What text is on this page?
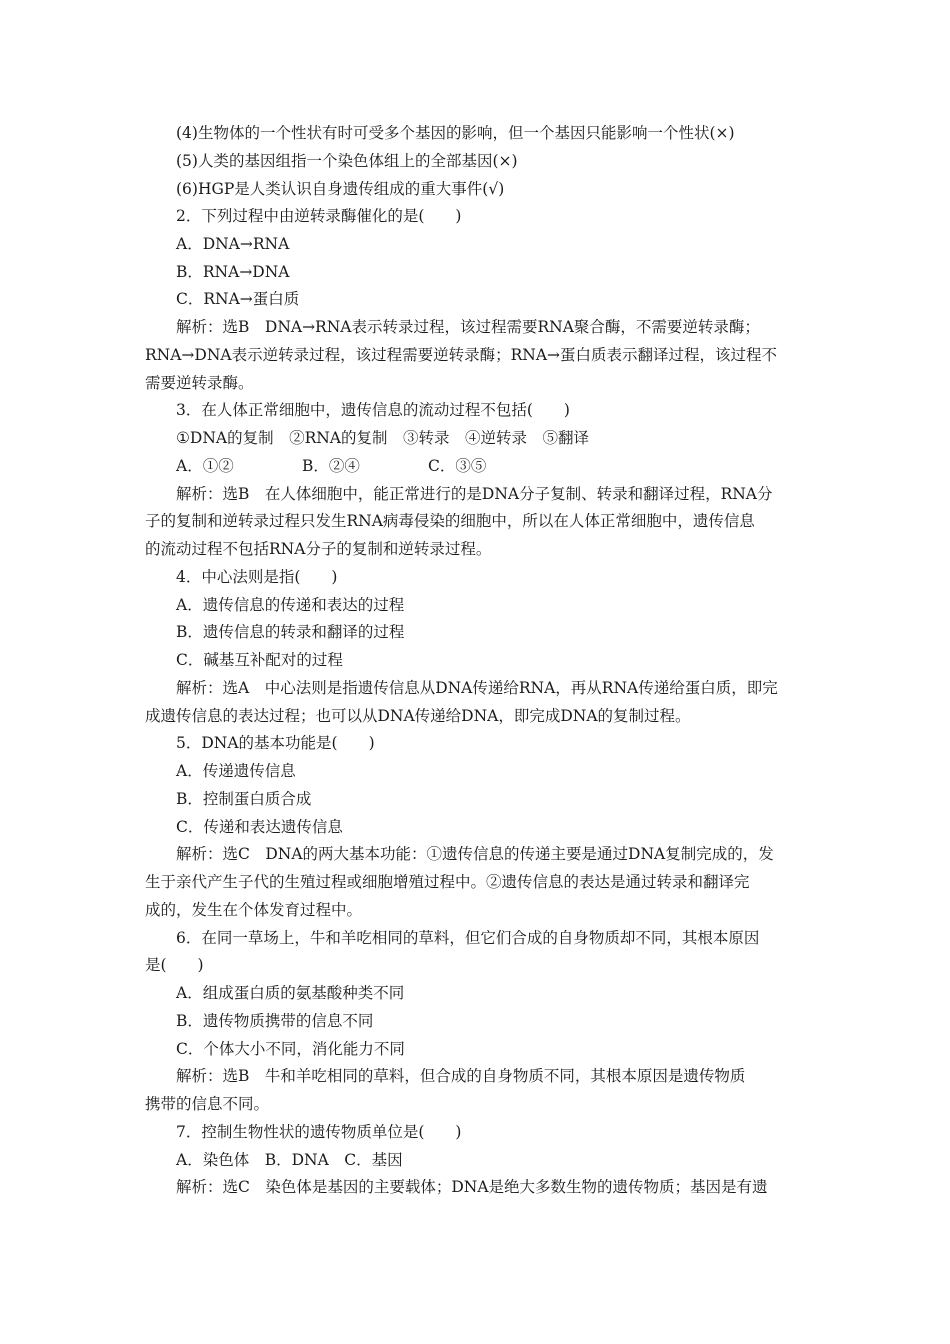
(4)生物体的一个性状有时可受多个基因的影响，但一个基因只能影响一个性状(×)
(5)人类的基因组指一个染色体组上的全部基因(×)
(6)HGP是人类认识自身遗传组成的重大事件(√)
2．下列过程中由逆转录酶催化的是(　　)
A．DNA→RNA
B．RNA→DNA
C．RNA→蛋白质
解析：选B　DNA→RNA表示转录过程，该过程需要RNA聚合酶，不需要逆转录酶；
RNA→DNA表示逆转录过程，该过程需要逆转录酶；RNA→蛋白质表示翻译过程，该过程不
需要逆转录酶。
3．在人体正常细胞中，遗传信息的流动过程不包括(　　)
①DNA的复制　②RNA的复制　③转录　④逆转录　⑤翻译
A．①②	B．②④	C．③⑤
解析：选B　在人体细胞中，能正常进行的是DNA分子复制、转录和翻译过程，RNA分
子的复制和逆转录过程只发生RNA病毒侵染的细胞中，所以在人体正常细胞中，遗传信息
的流动过程不包括RNA分子的复制和逆转录过程。
4．中心法则是指(　　)
A．遗传信息的传递和表达的过程
B．遗传信息的转录和翻译的过程
C．碱基互补配对的过程
解析：选A　中心法则是指遗传信息从DNA传递给RNA，再从RNA传递给蛋白质，即完
成遗传信息的表达过程；也可以从DNA传递给DNA，即完成DNA的复制过程。
5．DNA的基本功能是(　　)
A．传递遗传信息
B．控制蛋白质合成
C．传递和表达遗传信息
解析：选C　DNA的两大基本功能：①遗传信息的传递主要是通过DNA复制完成的，发
生于亲代产生子代的生殖过程或细胞增殖过程中。②遗传信息的表达是通过转录和翻译完
成的，发生在个体发育过程中。
6．在同一草场上，牛和羊吃相同的草料，但它们合成的自身物质却不同，其根本原因
是(　　)
A．组成蛋白质的氨基酸种类不同
B．遗传物质携带的信息不同
C．个体大小不同，消化能力不同
解析：选B　牛和羊吃相同的草料，但合成的自身物质不同，其根本原因是遗传物质
携带的信息不同。
7．控制生物性状的遗传物质单位是(　　)
A．染色体　B．DNA　C．基因
解析：选C　染色体是基因的主要载体；DNA是绝大多数生物的遗传物质；基因是有遗
